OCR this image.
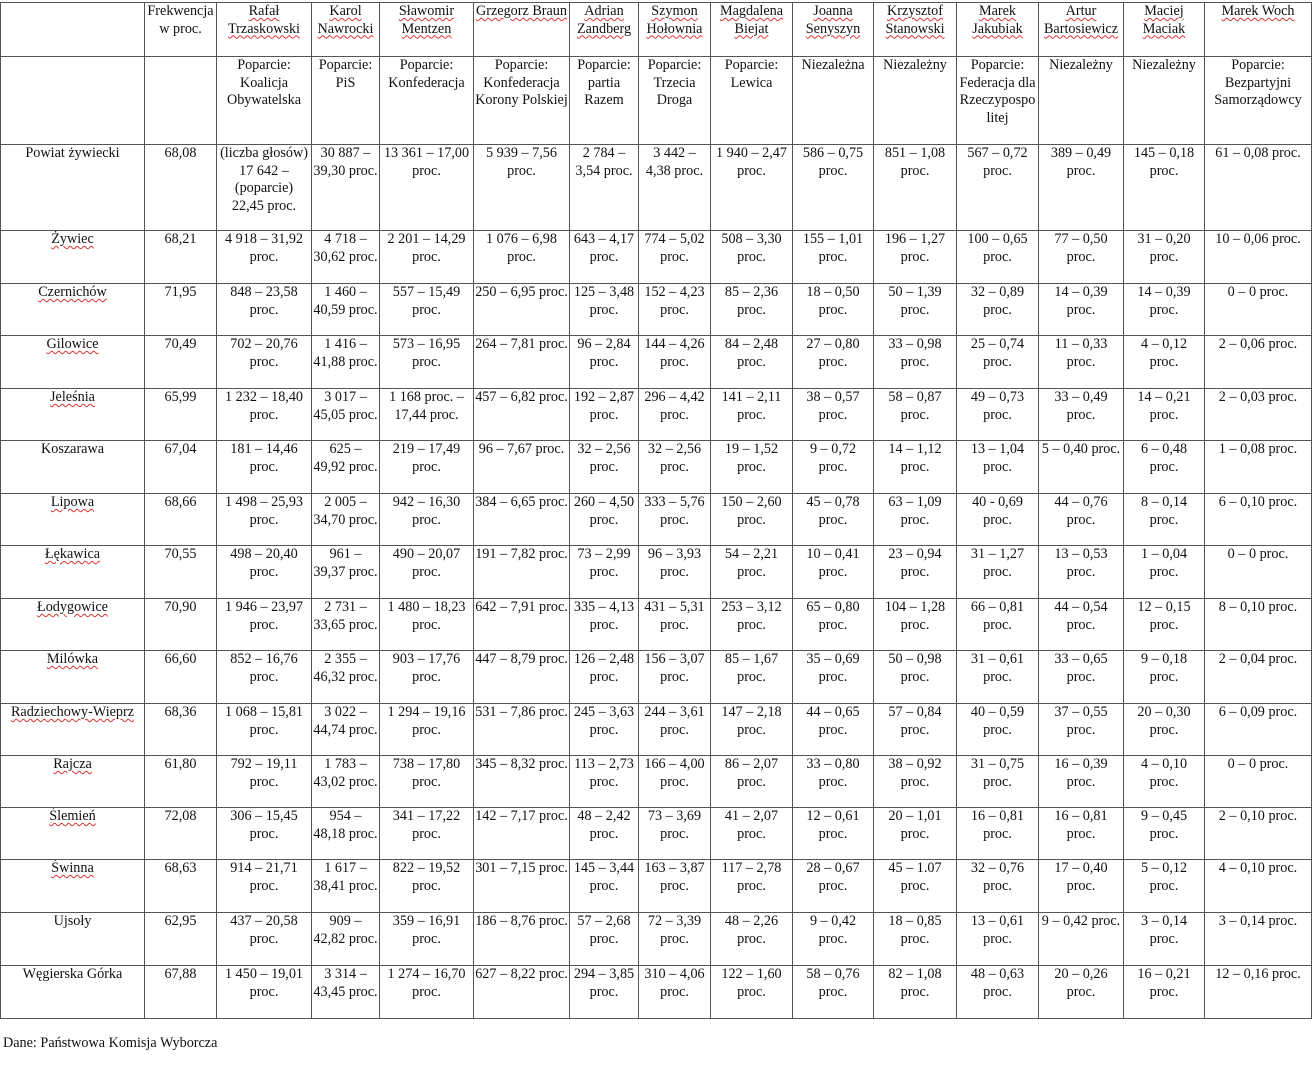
	Frekwencja w proc.	Rafał Trzaskowski	Karol Nawrocki	Sławomir Mentzen	Grzegorz Braun	Adrian Zandberg	Szymon Hołownia	Magdalena Biejat	Joanna Senyszyn	Krzysztof Stanowski	Marek Jakubiak	Artur Bartosiewicz	Maciej Maciak	Marek Woch
		Poparcie: Koalicja Obywatelska	Poparcie: PiS	Poparcie: Konfederacja	Poparcie: Konfederacja Korony Polskiej	Poparcie: partia Razem	Poparcie: Trzecia Droga	Poparcie: Lewica	Niezależna	Niezależny	Poparcie: Federacja dla Rzeczypospolitej	Niezależny	Niezależny	Poparcie: Bezpartyjni Samorządowcy
Powiat żywiecki	68,08	(liczba głosów) 17 642 – (poparcie) 22,45 proc.	30 887 – 39,30 proc.	13 361 – 17,00 proc.	5 939 – 7,56 proc.	2 784 – 3,54 proc.	3 442 – 4,38 proc.	1 940 – 2,47 proc.	586 – 0,75 proc.	851 – 1,08 proc.	567 – 0,72 proc.	389 – 0,49 proc.	145 – 0,18 proc.	61 – 0,08 proc.
Żywiec	68,21	4 918 – 31,92 proc.	4 718 – 30,62 proc.	2 201 – 14,29 proc.	1 076 – 6,98 proc.	643 – 4,17 proc.	774 – 5,02 proc.	508 – 3,30 proc.	155 – 1,01 proc.	196 – 1,27 proc.	100 – 0,65 proc.	77 – 0,50 proc.	31 – 0,20 proc.	10 – 0,06 proc.
Czernichów	71,95	848 – 23,58 proc.	1 460 – 40,59 proc.	557 – 15,49 proc.	250 – 6,95 proc.	125 – 3,48 proc.	152 – 4,23 proc.	85 – 2,36 proc.	18 – 0,50 proc.	50 – 1,39 proc.	32 – 0,89 proc.	14 – 0,39 proc.	14 – 0,39 proc.	0 – 0 proc.
Gilowice	70,49	702 – 20,76 proc.	1 416 – 41,88 proc.	573 – 16,95 proc.	264 – 7,81 proc.	96 – 2,84 proc.	144 – 4,26 proc.	84 – 2,48 proc.	27 – 0,80 proc.	33 – 0,98 proc.	25 – 0,74 proc.	11 – 0,33 proc.	4 – 0,12 proc.	2 – 0,06 proc.
Jeleśnia	65,99	1 232 – 18,40 proc.	3 017 – 45,05 proc.	1 168 proc. – 17,44 proc.	457 – 6,82 proc.	192 – 2,87 proc.	296 – 4,42 proc.	141 – 2,11 proc.	38 – 0,57 proc.	58 – 0,87 proc.	49 – 0,73 proc.	33 – 0,49 proc.	14 – 0,21 proc.	2 – 0,03 proc.
Koszarawa	67,04	181 – 14,46 proc.	625 – 49,92 proc.	219 – 17,49 proc.	96 – 7,67 proc.	32 – 2,56 proc.	32 – 2,56 proc.	19 – 1,52 proc.	9 – 0,72 proc.	14 – 1,12 proc.	13 – 1,04 proc.	5 – 0,40 proc.	6 – 0,48 proc.	1 – 0,08 proc.
Lipowa	68,66	1 498 – 25,93 proc.	2 005 – 34,70 proc.	942 – 16,30 proc.	384 – 6,65 proc.	260 – 4,50 proc.	333 – 5,76 proc.	150 – 2,60 proc.	45 – 0,78 proc.	63 – 1,09 proc.	40 - 0,69 proc.	44 – 0,76 proc.	8 – 0,14 proc.	6 – 0,10 proc.
Łękawica	70,55	498 – 20,40 proc.	961 – 39,37 proc.	490 – 20,07 proc.	191 – 7,82 proc.	73 – 2,99 proc.	96 – 3,93 proc.	54 – 2,21 proc.	10 – 0,41 proc.	23 – 0,94 proc.	31 – 1,27 proc.	13 – 0,53 proc.	1 – 0,04 proc.	0 – 0 proc.
Łodygowice	70,90	1 946 – 23,97 proc.	2 731 – 33,65 proc.	1 480 – 18,23 proc.	642 – 7,91 proc.	335 – 4,13 proc.	431 – 5,31 proc.	253 – 3,12 proc.	65 – 0,80 proc.	104 – 1,28 proc.	66 – 0,81 proc.	44 – 0,54 proc.	12 – 0,15 proc.	8 – 0,10 proc.
Milówka	66,60	852 – 16,76 proc.	2 355 – 46,32 proc.	903 – 17,76 proc.	447 – 8,79 proc.	126 – 2,48 proc.	156 – 3,07 proc.	85 – 1,67 proc.	35 – 0,69 proc.	50 – 0,98 proc.	31 – 0,61 proc.	33 – 0,65 proc.	9 – 0,18 proc.	2 – 0,04 proc.
Radziechowy-Wieprz	68,36	1 068 – 15,81 proc.	3 022 – 44,74 proc.	1 294 – 19,16 proc.	531 – 7,86 proc.	245 – 3,63 proc.	244 – 3,61 proc.	147 – 2,18 proc.	44 – 0,65 proc.	57 – 0,84 proc.	40 – 0,59 proc.	37 – 0,55 proc.	20 – 0,30 proc.	6 – 0,09 proc.
Rajcza	61,80	792 – 19,11 proc.	1 783 – 43,02 proc.	738 – 17,80 proc.	345 – 8,32 proc.	113 – 2,73 proc.	166 – 4,00 proc.	86 – 2,07 proc.	33 – 0,80 proc.	38 – 0,92 proc.	31 – 0,75 proc.	16 – 0,39 proc.	4 – 0,10 proc.	0 – 0 proc.
Ślemień	72,08	306 – 15,45 proc.	954 – 48,18 proc.	341 – 17,22 proc.	142 – 7,17 proc.	48 – 2,42 proc.	73 – 3,69 proc.	41 – 2,07 proc.	12 – 0,61 proc.	20 – 1,01 proc.	16 – 0,81 proc.	16 – 0,81 proc.	9 – 0,45 proc.	2 – 0,10 proc.
Świnna	68,63	914 – 21,71 proc.	1 617 – 38,41 proc.	822 – 19,52 proc.	301 – 7,15 proc.	145 – 3,44 proc.	163 – 3,87 proc.	117 – 2,78 proc.	28 – 0,67 proc.	45 – 1.07 proc.	32 – 0,76 proc.	17 – 0,40 proc.	5 – 0,12 proc.	4 – 0,10 proc.
Ujsoły	62,95	437 – 20,58 proc.	909 – 42,82 proc.	359 – 16,91 proc.	186 – 8,76 proc.	57 – 2,68 proc.	72 – 3,39 proc.	48 – 2,26 proc.	9 – 0,42 proc.	18 – 0,85 proc.	13 – 0,61 proc.	9 – 0,42 proc.	3 – 0,14 proc.	3 – 0,14 proc.
Węgierska Górka	67,88	1 450 – 19,01 proc.	3 314 – 43,45 proc.	1 274 – 16,70 proc.	627 – 8,22 proc.	294 – 3,85 proc.	310 – 4,06 proc.	122 – 1,60 proc.	58 – 0,76 proc.	82 – 1,08 proc.	48 – 0,63 proc.	20 – 0,26 proc.	16 – 0,21 proc.	12 – 0,16 proc.
Dane: Państwowa Komisja Wyborcza
